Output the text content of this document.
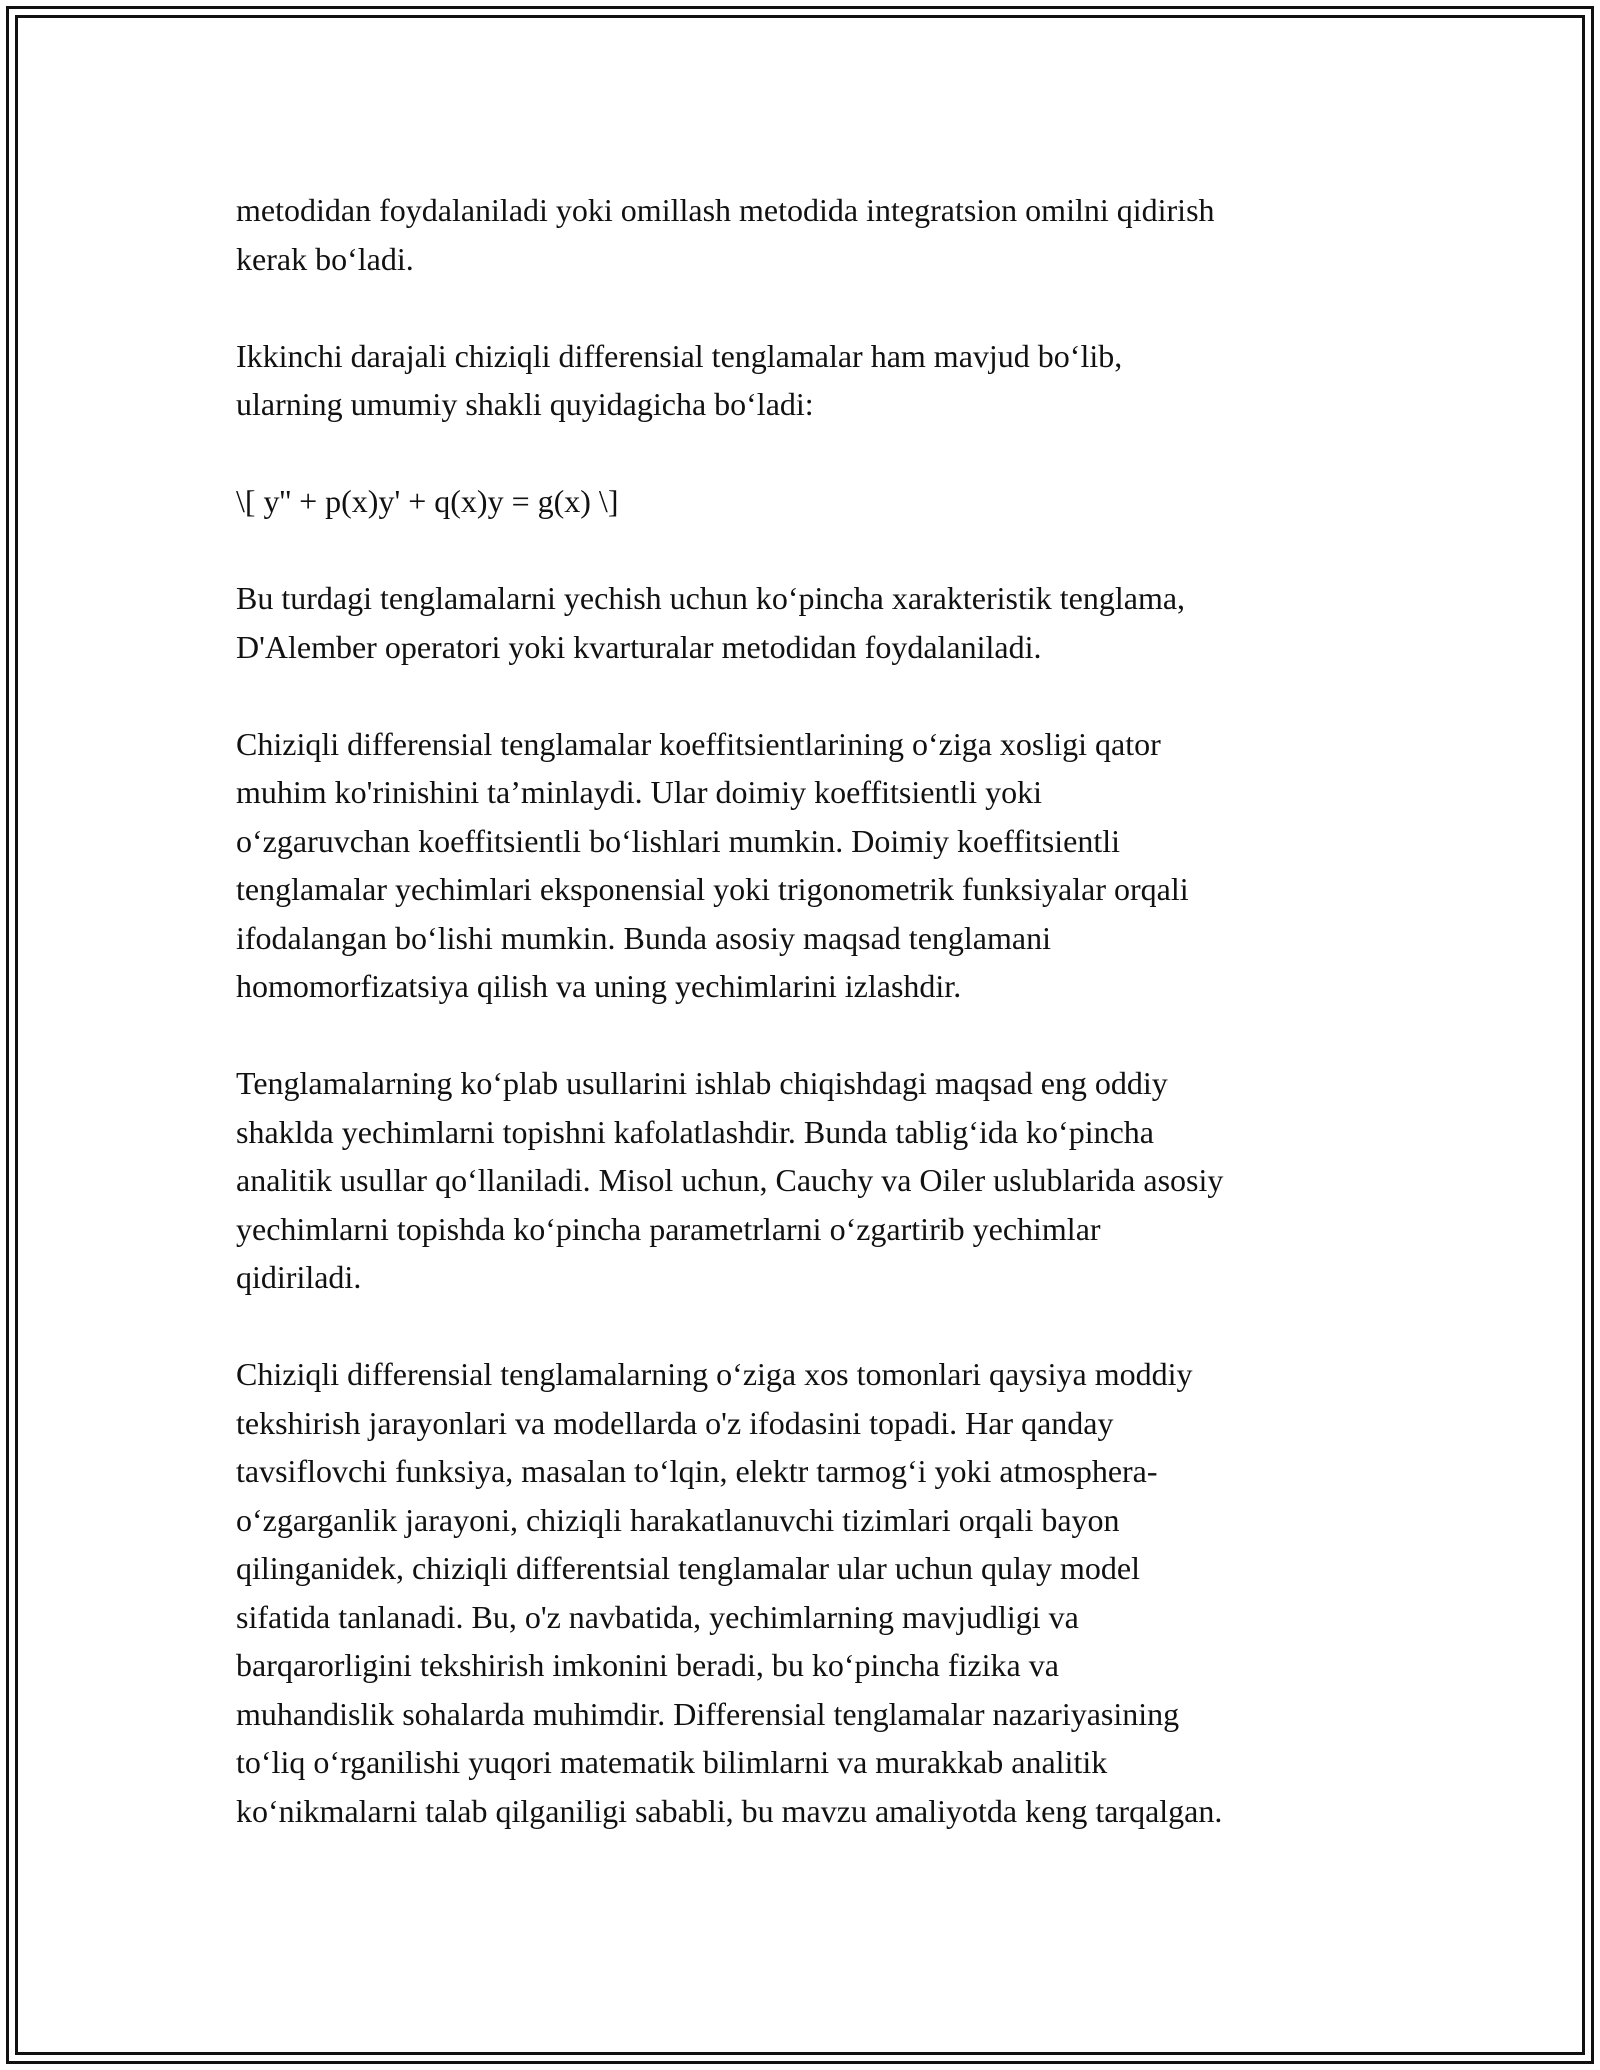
metodidan foydalaniladi yoki omillash metodida integratsion omilni qidirish
kerak bo‘ladi.

Ikkinchi darajali chiziqli differensial tenglamalar ham mavjud bo‘lib,
ularning umumiy shakli quyidagicha bo‘ladi:

\[ y'' + p(x)y' + q(x)y = g(x) \]

Bu turdagi tenglamalarni yechish uchun ko‘pincha xarakteristik tenglama,
D'Alember operatori yoki kvarturalar metodidan foydalaniladi.

Chiziqli differensial tenglamalar koeffitsientlarining o‘ziga xosligi qator
muhim ko'rinishini ta’minlaydi. Ular doimiy koeffitsientli yoki
o‘zgaruvchan koeffitsientli bo‘lishlari mumkin. Doimiy koeffitsientli
tenglamalar yechimlari eksponensial yoki trigonometrik funksiyalar orqali
ifodalangan bo‘lishi mumkin. Bunda asosiy maqsad tenglamani
homomorfizatsiya qilish va uning yechimlarini izlashdir.

Tenglamalarning ko‘plab usullarini ishlab chiqishdagi maqsad eng oddiy
shaklda yechimlarni topishni kafolatlashdir. Bunda tablig‘ida ko‘pincha
analitik usullar qo‘llaniladi. Misol uchun, Cauchy va Oiler uslublarida asosiy
yechimlarni topishda ko‘pincha parametrlarni o‘zgartirib yechimlar
qidiriladi.

Chiziqli differensial tenglamalarning o‘ziga xos tomonlari qaysiya moddiy
tekshirish jarayonlari va modellarda o'z ifodasini topadi. Har qanday
tavsiflovchi funksiya, masalan to‘lqin, elektr tarmog‘i yoki atmosphera-
o‘zgarganlik jarayoni, chiziqli harakatlanuvchi tizimlari orqali bayon
qilinganidek, chiziqli differentsial tenglamalar ular uchun qulay model
sifatida tanlanadi. Bu, o'z navbatida, yechimlarning mavjudligi va
barqarorligini tekshirish imkonini beradi, bu ko‘pincha fizika va
muhandislik sohalarda muhimdir. Differensial tenglamalar nazariyasining
to‘liq o‘rganilishi yuqori matematik bilimlarni va murakkab analitik
ko‘nikmalarni talab qilganiligi sababli, bu mavzu amaliyotda keng tarqalgan.
